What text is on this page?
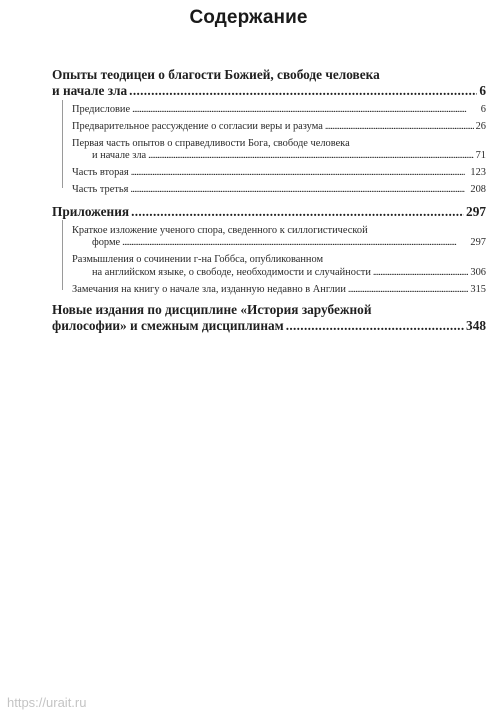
Содержание
Опыты теодицеи о благости Божией, свободе человека
и начале зла . . .	6
Предисловие . . .	6
Предварительное рассуждение о согласии веры и разума . . .	26
Первая часть опытов о справедливости Бога, свободе человека
и начале зла . . .	71
Часть вторая . . .	123
Часть третья . . .	208
Приложения . . .	297
Краткое изложение ученого спора, сведенного к силлогистической
форме . . .	297
Размышления о сочинении г-на Гоббса, опубликованном
на английском языке, о свободе, необходимости и случайности . . .	306
Замечания на книгу о начале зла, изданную недавно в Англии . . .	315
Новые издания по дисциплине «История зарубежной
философии» и смежным дисциплинам . . .	348
https://urait.ru
